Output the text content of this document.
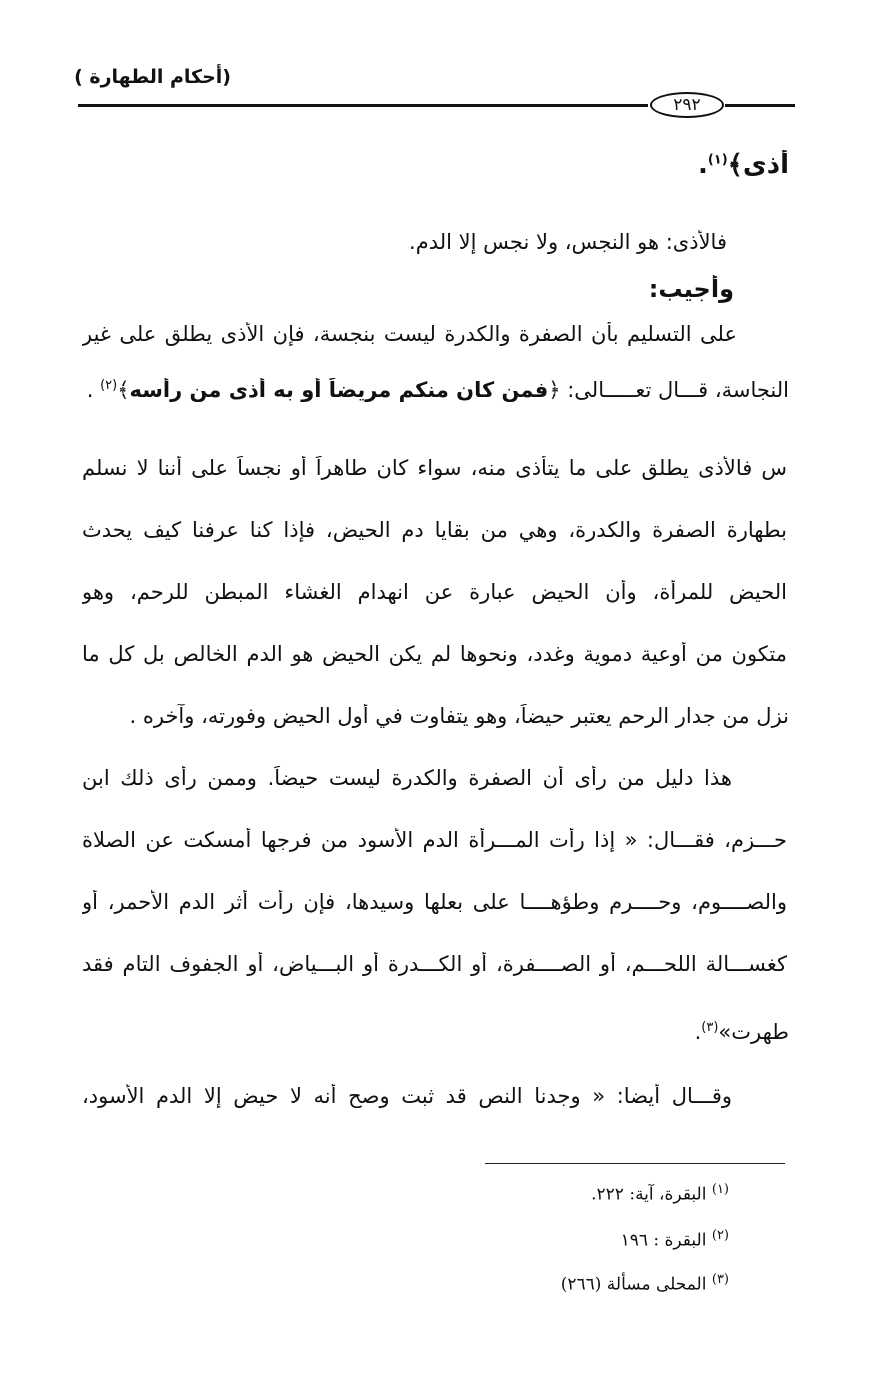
(أحكام الطهارة )
٢٩٢
أذى﴾$^{(١)}$.
فالأذى: هو النجس، ولا نجس إلا الدم.
وأجيب:
على التسليم بأن الصفرة والكدرة ليست بنجسة، فإن الأذى يطلق على غير
النجاسة، قـــال تعـــــالى: ﴿فمن كان منكم مريضاً أو به أذى من رأسه﴾$^{(٢)}$ .
س فالأذى يطلق على ما يتأذى منه، سواء كان طاهراً أو نجساً على أننا لا نسلم
بطهارة الصفرة والكدرة، وهي من بقايا دم الحيض، فإذا كنا عرفنا كيف يحدث
الحيض للمرأة، وأن الحيض عبارة عن انهدام الغشاء المبطن للرحم، وهو
متكون من أوعية دموية وغدد، ونحوها لم يكن الحيض هو الدم الخالص بل كل ما
نزل من جدار الرحم يعتبر حيضاً، وهو يتفاوت في أول الحيض وفورته، وآخره .
هذا دليل من رأى أن الصفرة والكدرة ليست حيضاً. وممن رأى ذلك ابن
حـــزم، فقـــال: « إذا رأت المـــرأة الدم الأسود من فرجها أمسكت عن الصلاة
والصــــوم، وحــــرم وطؤهــــا على بعلها وسيدها، فإن رأت أثر الدم الأحمر، أو
كغســـالة اللحـــم، أو الصــــفرة، أو الكـــدرة أو البـــياض، أو الجفوف التام فقد
طهرت»$^{(٣)}$.
وقـــال أيضا: « وجدنا النص قد ثبت وصح أنه لا حيض إلا الدم الأسود،
$^{(١)}$ البقرة، آية: ٢٢٢.
$^{(٢)}$ البقرة : ١٩٦
$^{(٣)}$ المحلى مسألة (٢٦٦)
